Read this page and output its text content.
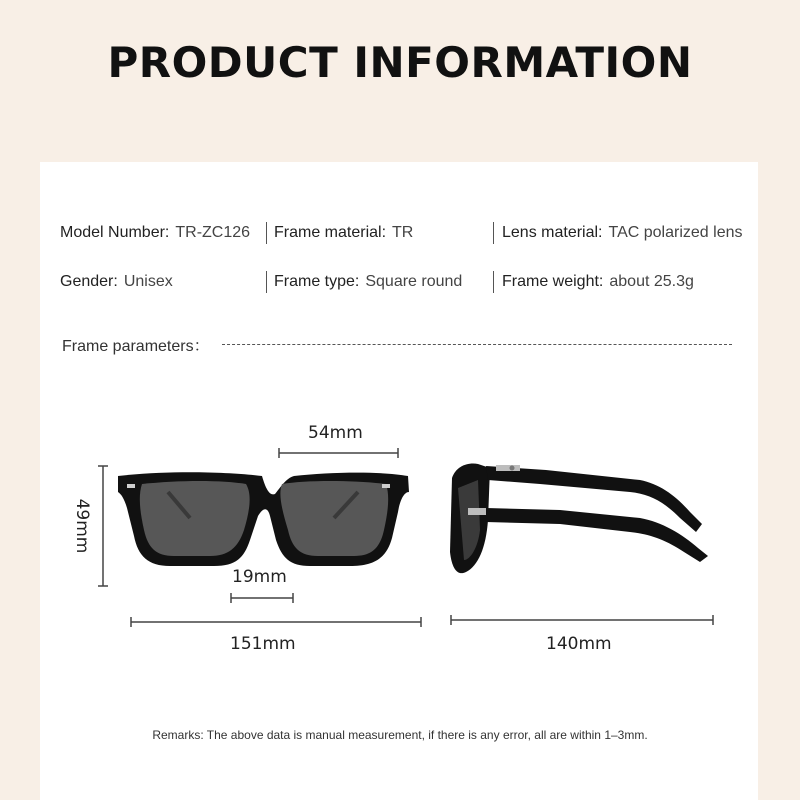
PRODUCT INFORMATION
Model Number: TR-ZC126 Frame material: TR	Lens material: TAC polarized lens
Gender: Unisex	Frame type: Square round Frame weight: about 25.3g
Frame parameters：
54mm
49mm
19mm
151mm	140mm
Remarks: The above data is manual measurement, if there is any error, all are within 1–3mm.
